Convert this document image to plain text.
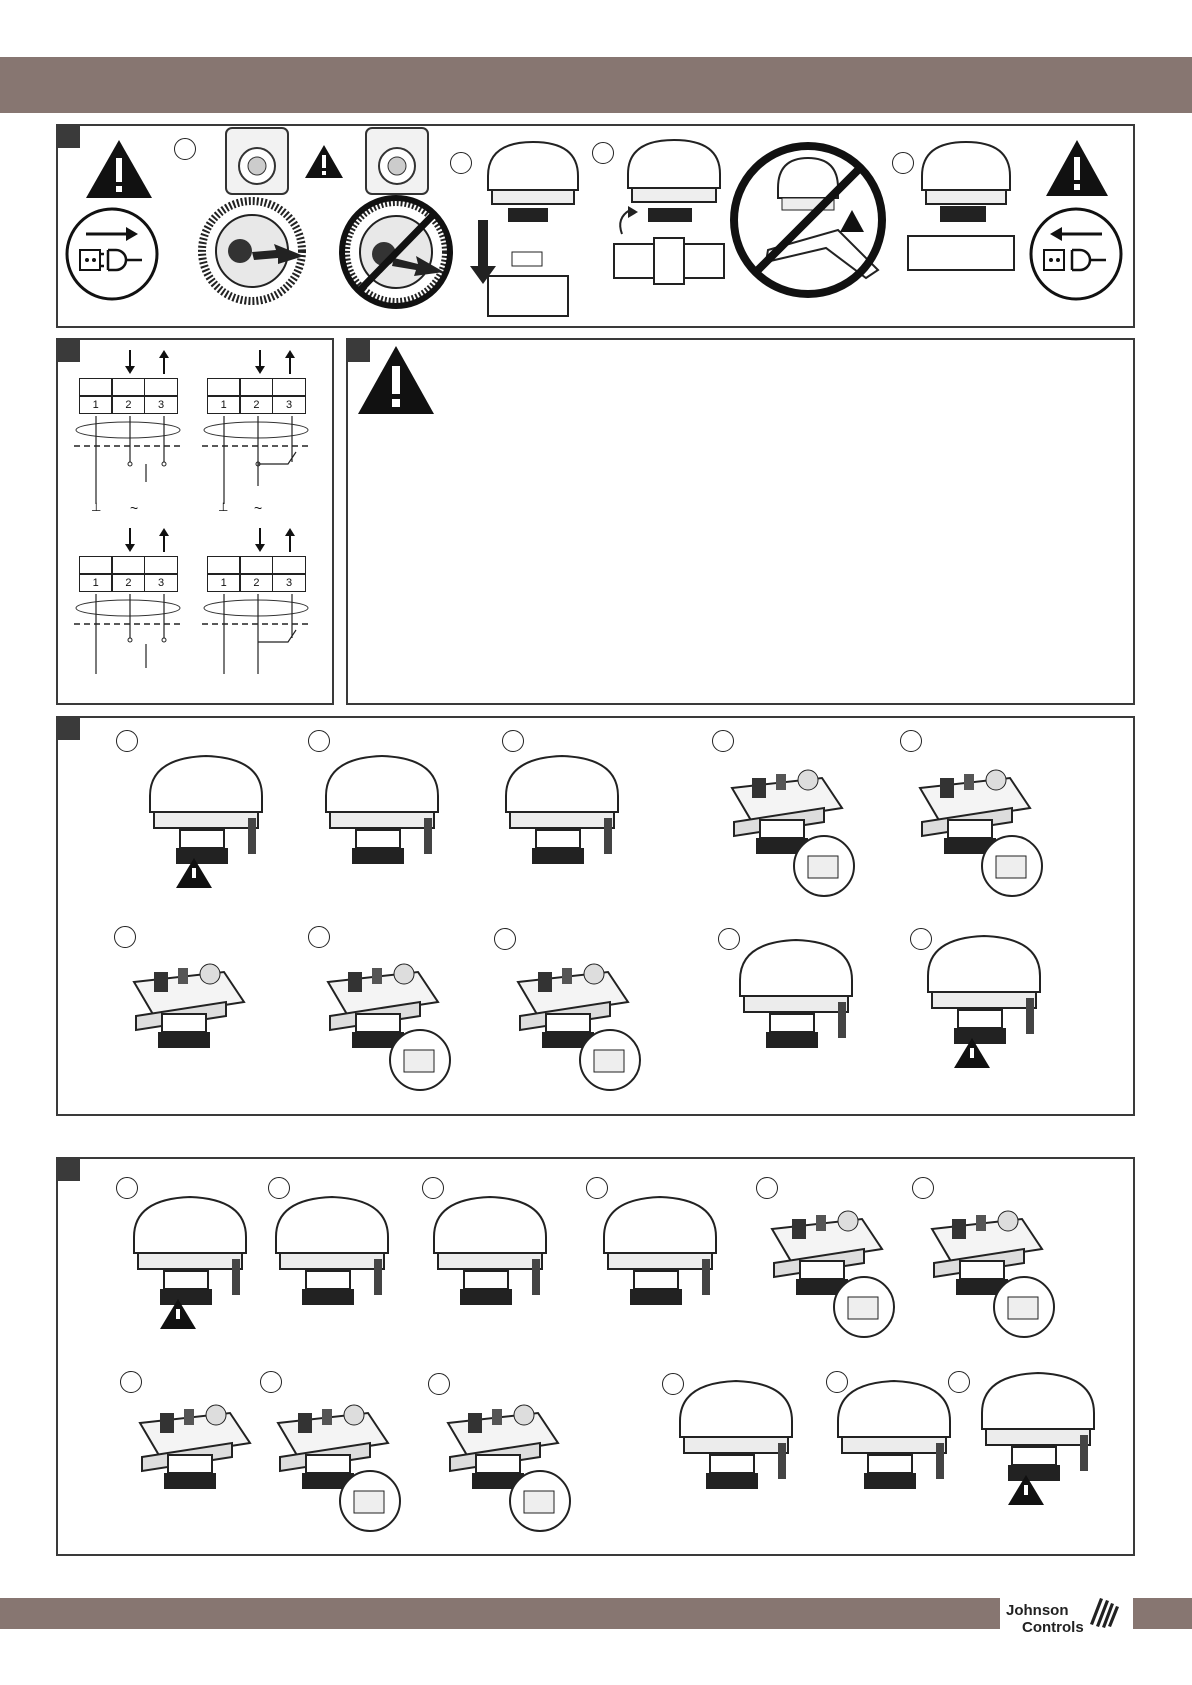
1	2	3
⊥ ~
1	2	3
⊥ ~
1	2	3	1	2	3
Johnson
Controls
